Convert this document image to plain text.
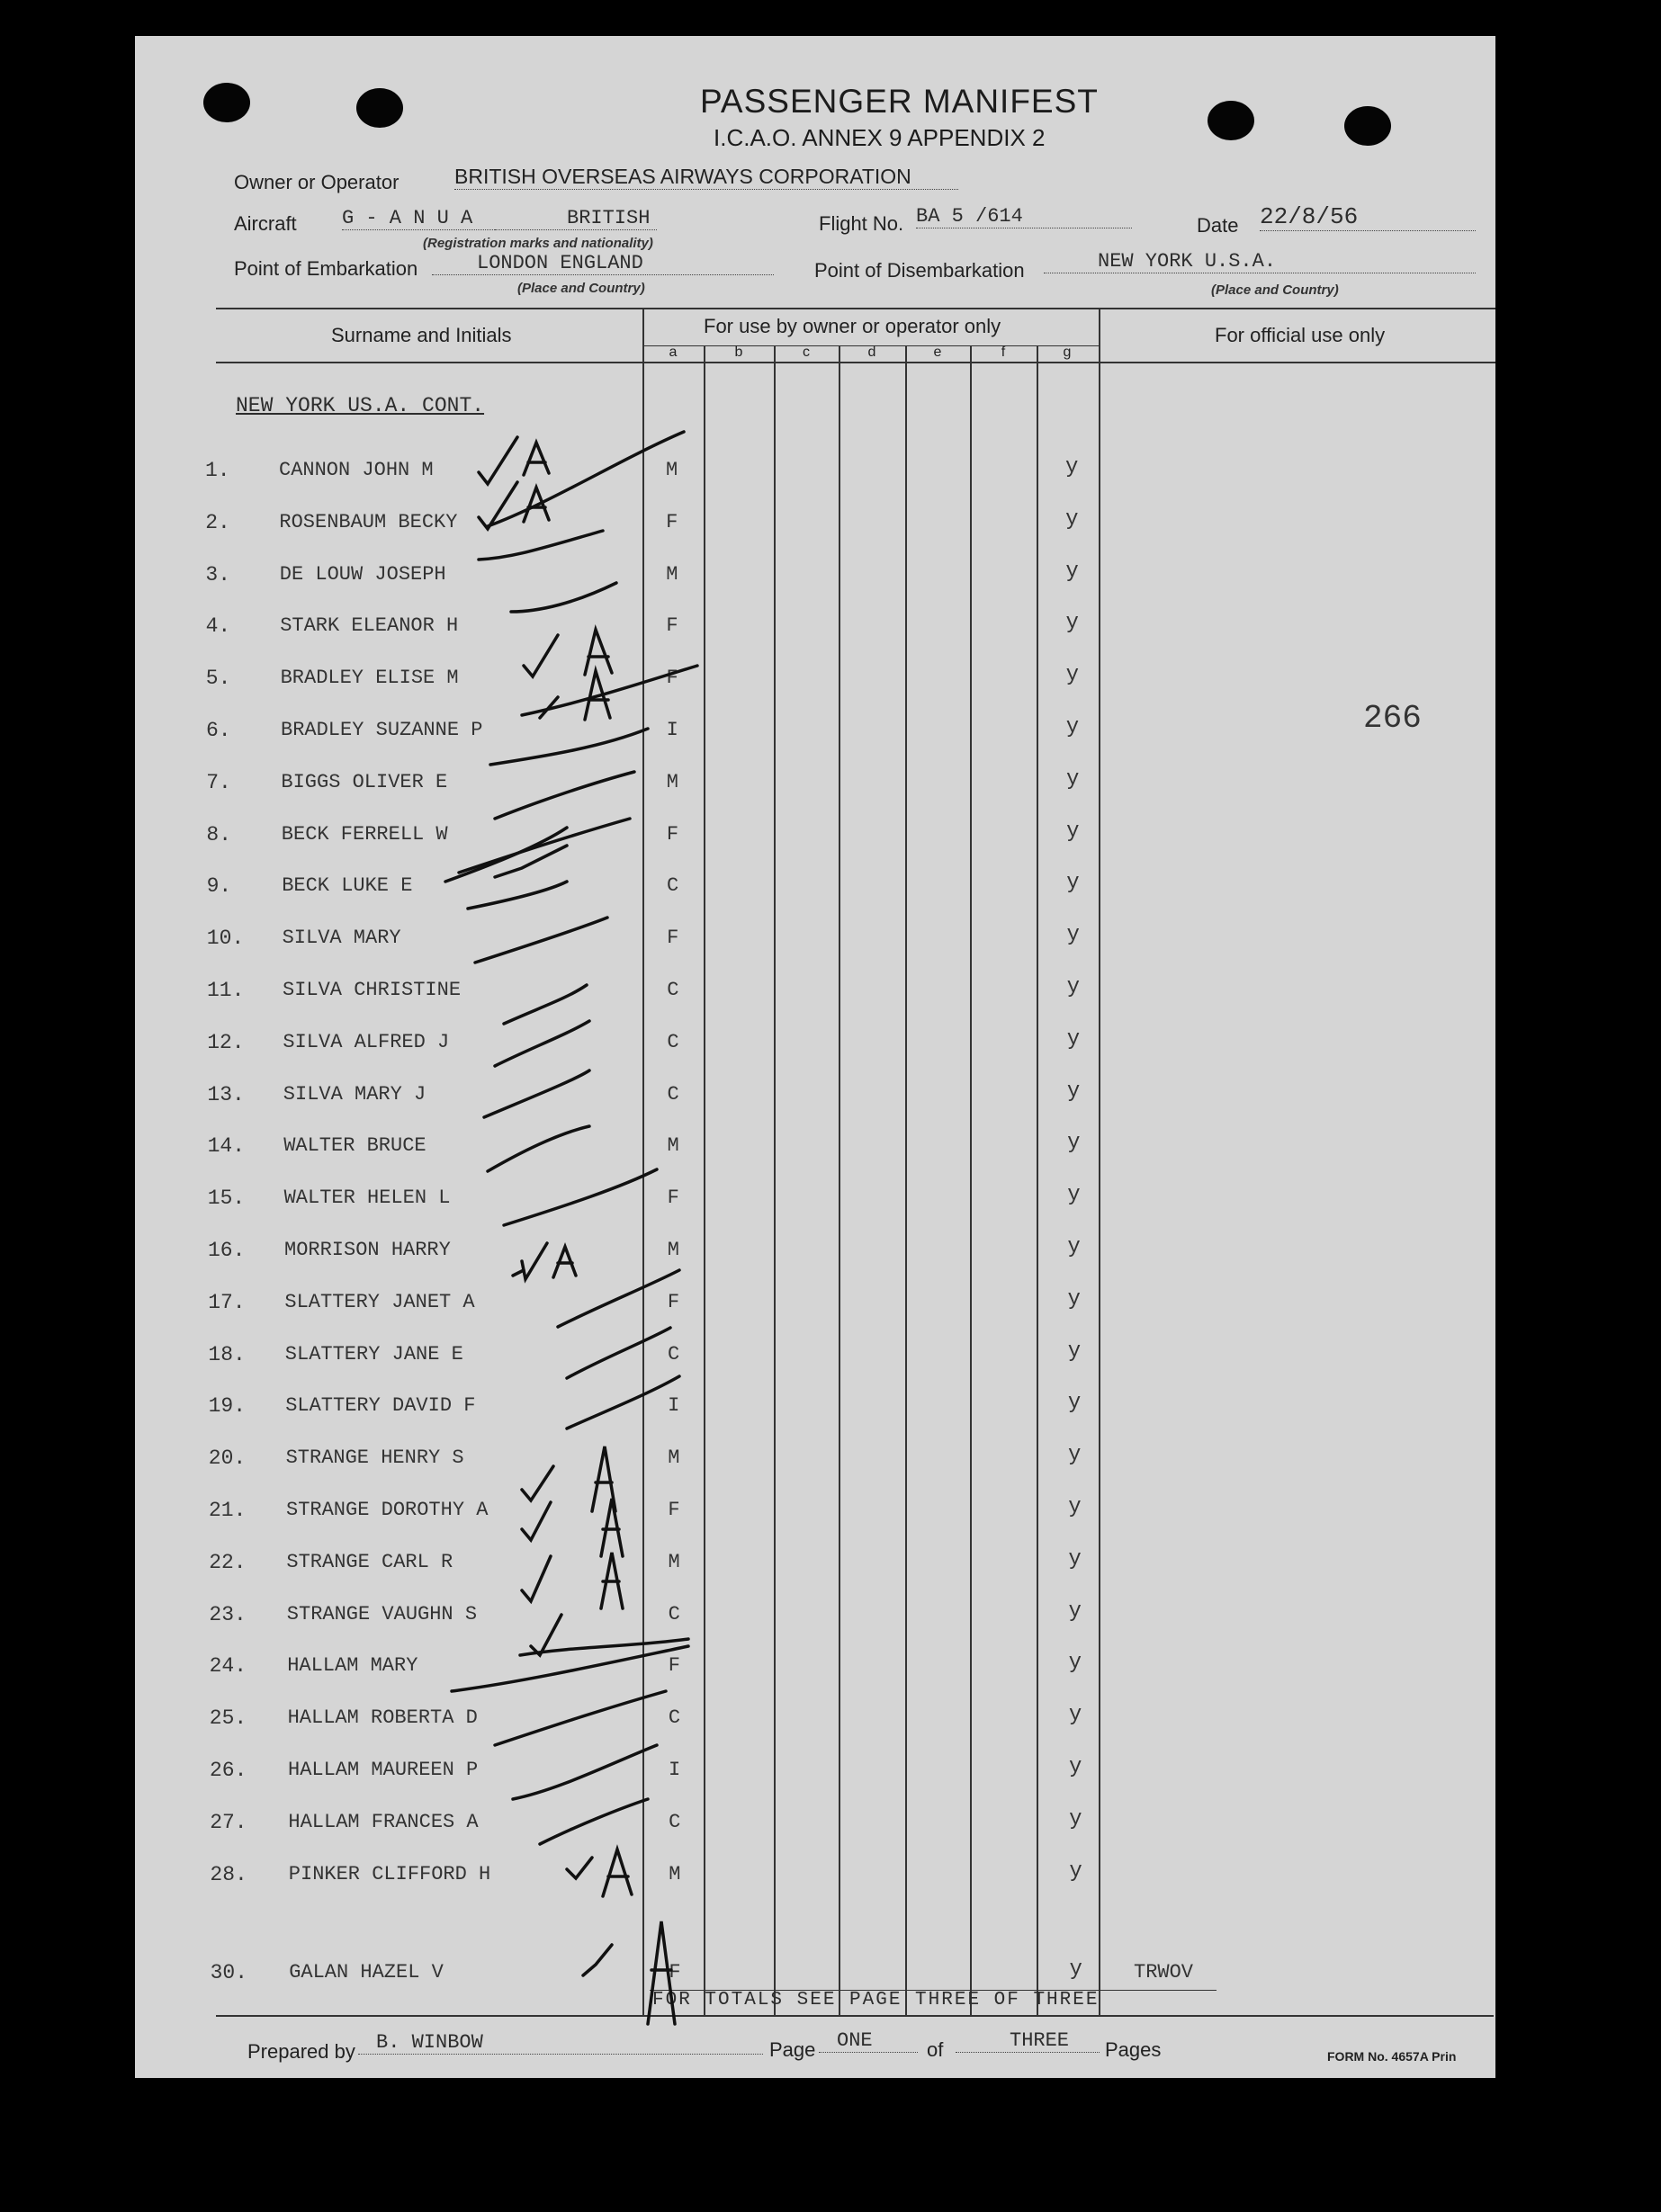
PASSENGER MANIFEST
I.C.A.O. ANNEX 9 APPENDIX 2
Owner or Operator	BRITISH OVERSEAS AIRWAYS CORPORATION
Aircraft G - A N U A	BRITISH
(Registration marks and nationality)
Flight No. BA 5 /614	Date 22/8/56
Point of Embarkation	LONDON ENGLAND
(Place and Country)
Point of Disembarkation	NEW YORK U.S.A.
(Place and Country)
Surname and Initials	For use by owner or operator only	For official use only
a	b	c	d	e	f	g
NEW YORK US.A. CONT.
266
1. CANNON JOHN M	M	y
2. ROSENBAUM BECKY	F	y
3. DE LOUW JOSEPH	M	y
4. STARK ELEANOR H	F	y
5.	BRADLEY ELISE M	F	y
6.	BRADLEY SUZANNE P	I	y
7.	BIGGS OLIVER E	M	y
8.	BECK FERRELL W	F	y
9.	BECK LUKE E	C	y
10. SILVA MARY	F	y
11. SILVA CHRISTINE	C	y
12. SILVA ALFRED J	C	y
13. SILVA MARY J	C	y
14. WALTER BRUCE	M	y
15. WALTER HELEN L	F	y
16. MORRISON HARRY	M	y
17. SLATTERY JANET A	F	y
18. SLATTERY JANE E	C	y
19. SLATTERY DAVID F	I	y
20. STRANGE HENRY S	M	y
21. STRANGE DOROTHY A	F	y
22. STRANGE CARL R	M	y
23. STRANGE VAUGHN S	C	y
24. HALLAM MARY	F	y
25. HALLAM ROBERTA D	C	y
26. HALLAM MAUREEN P	I	y
27. HALLAM FRANCES A	C	y
28. PINKER CLIFFORD H	M	y
30. GALAN HAZEL V	F	y	TRWOV
FOR TOTALS SEE PAGE THREE OF THREE
Prepared by	B. WINBOW	Page	ONE	of	THREE	Pages	FORM No. 4657A Prin
